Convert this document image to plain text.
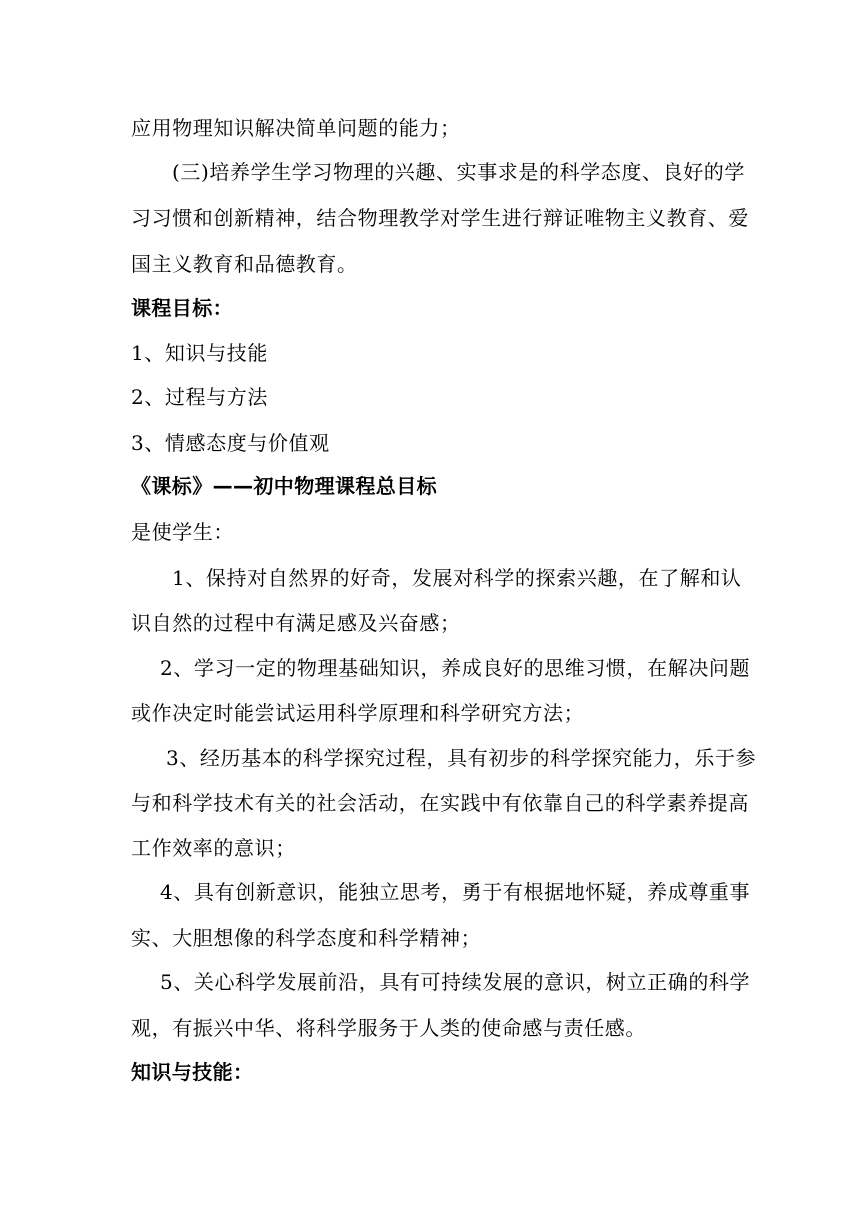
应用物理知识解决简单问题的能力；
(三)培养学生学习物理的兴趣、实事求是的科学态度、良好的学
习习惯和创新精神，结合物理教学对学生进行辩证唯物主义教育、爱
国主义教育和品德教育。
课程目标：
1、知识与技能
2、过程与方法
3、情感态度与价值观
《课标》——初中物理课程总目标
是使学生：
1、保持对自然界的好奇，发展对科学的探索兴趣，在了解和认
识自然的过程中有满足感及兴奋感；
2、学习一定的物理基础知识，养成良好的思维习惯，在解决问题
或作决定时能尝试运用科学原理和科学研究方法；
3、经历基本的科学探究过程，具有初步的科学探究能力，乐于参
与和科学技术有关的社会活动，在实践中有依靠自己的科学素养提高
工作效率的意识；
4、具有创新意识，能独立思考，勇于有根据地怀疑，养成尊重事
实、大胆想像的科学态度和科学精神；
5、关心科学发展前沿，具有可持续发展的意识，树立正确的科学
观，有振兴中华、将科学服务于人类的使命感与责任感。
知识与技能：
